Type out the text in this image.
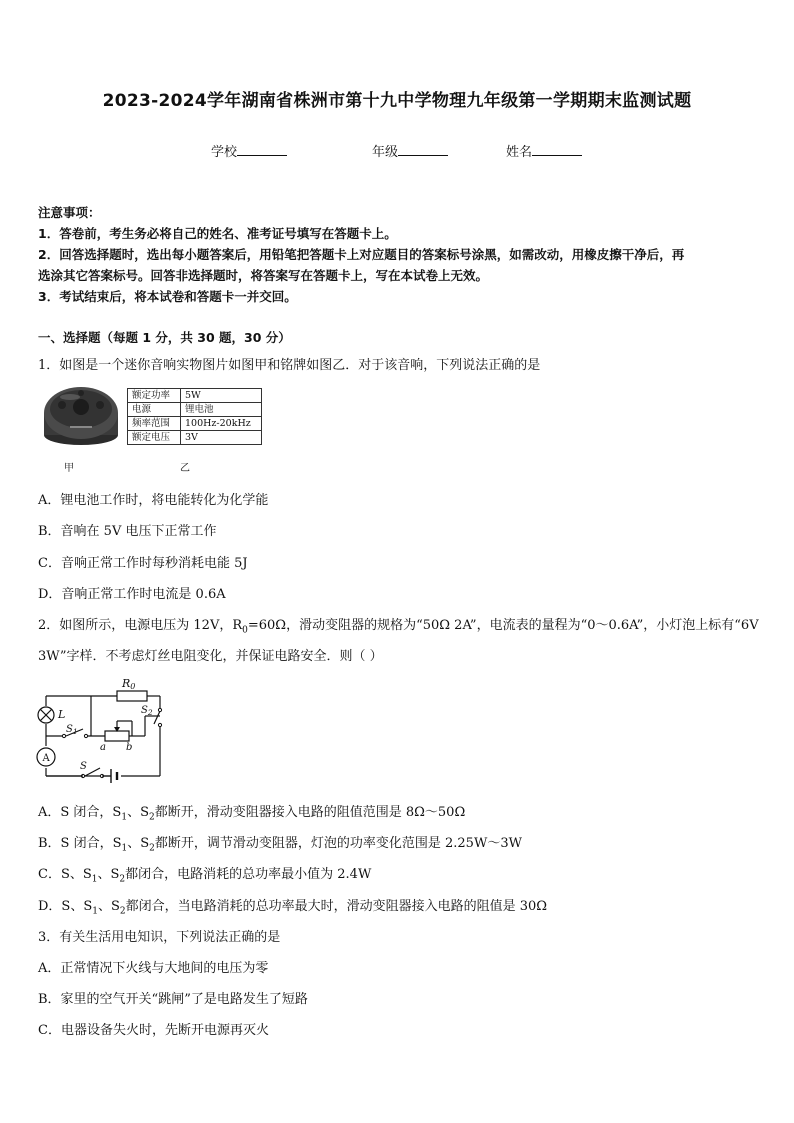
2023-2024学年湖南省株洲市第十九中学物理九年级第一学期期末监测试题
学校	年级	姓名
注意事项：
1．答卷前，考生务必将自己的姓名、准考证号填写在答题卡上。
2．回答选择题时，选出每小题答案后，用铅笔把答题卡上对应题目的答案标号涂黑，如需改动，用橡皮擦干净后，再
选涂其它答案标号。回答非选择题时，将答案写在答题卡上，写在本试卷上无效。
3．考试结束后，将本试卷和答题卡一并交回。
一、选择题（每题 1 分，共 30 题，30 分）
1．如图是一个迷你音响实物图片如图甲和铭牌如图乙．对于该音响，下列说法正确的是
甲
额定功率	5W
电源	锂电池
频率范围	100Hz-20kHz
额定电压	3V
乙
A．锂电池工作时，将电能转化为化学能
B．音响在 5V 电压下正常工作
C．音响正常工作时每秒消耗电能 5J
D．音响正常工作时电流是 0.6A
2．如图所示，电源电压为 12V，$R_0=60\Omega$，滑动变阻器的规格为“50Ω 2A”，电流表的量程为“0～0.6A”，小灯泡上标有“6V
3W”字样．不考虑灯丝电阻变化，并保证电路安全．则（ ）
A
R0
L
$S_1$
$S_2$
a b
S
A．S 闭合，$S_1$、$S_2$都断开，滑动变阻器接入电路的阻值范围是 8Ω～50Ω
B．S 闭合，$S_1$、$S_2$都断开，调节滑动变阻器，灯泡的功率变化范围是 2.25W～3W
C．S、$S_1$、$S_2$都闭合，电路消耗的总功率最小值为 2.4W
D．S、$S_1$、$S_2$都闭合，当电路消耗的总功率最大时，滑动变阻器接入电路的阻值是 30Ω
3．有关生活用电知识，下列说法正确的是
A．正常情况下火线与大地间的电压为零
B．家里的空气开关“跳闸”了是电路发生了短路
C．电器设备失火时，先断开电源再灭火
